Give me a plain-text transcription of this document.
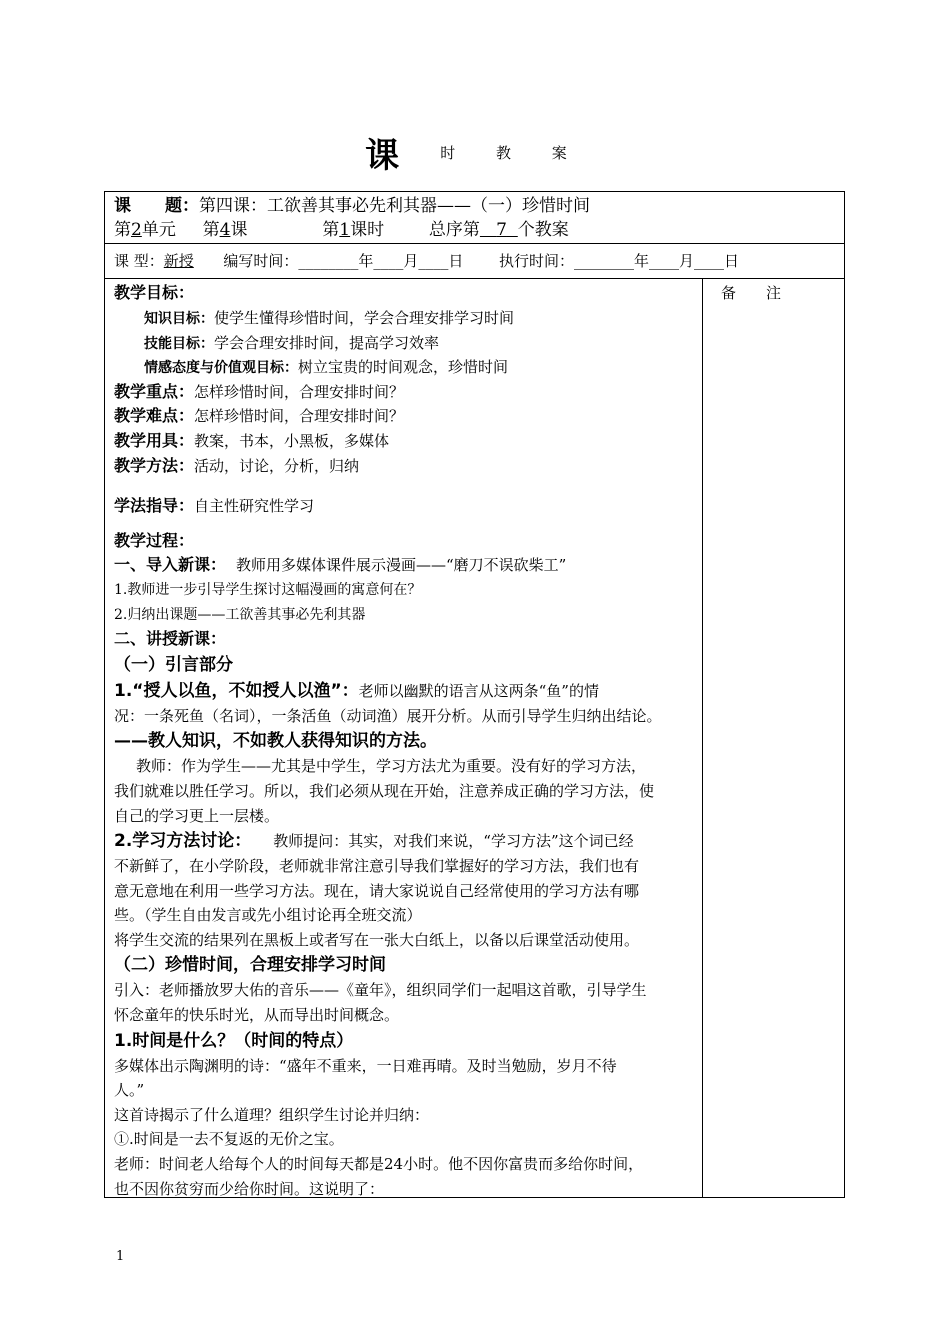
课	时 教 案
课　　题：第四课：工欲善其事必先利其器——（一）珍惜时间
第2单元 第4课	第1课时	总序第 7 个教案
课 型：新授 编写时间：________年____月____日 执行时间：________年____月____日
备　　注
教学目标：
知识目标：使学生懂得珍惜时间，学会合理安排学习时间
技能目标：学会合理安排时间，提高学习效率
情感态度与价值观目标：树立宝贵的时间观念，珍惜时间
教学重点：怎样珍惜时间，合理安排时间？
教学难点：怎样珍惜时间，合理安排时间？
教学用具：教案，书本，小黑板，多媒体
教学方法：活动，讨论，分析，归纳
学法指导：自主性研究性学习
教学过程：
一、导入新课： 教师用多媒体课件展示漫画——“磨刀不误砍柴工”
1.教师进一步引导学生探讨这幅漫画的寓意何在？
2.归纳出课题——工欲善其事必先利其器
二、讲授新课：
（一）引言部分
1.“授人以鱼，不如授人以渔”：老师以幽默的语言从这两条“鱼”的情
况：一条死鱼（名词），一条活鱼（动词渔）展开分析。从而引导学生归纳出结论。
——教人知识，不如教人获得知识的方法。
教师：作为学生——尤其是中学生，学习方法尤为重要。没有好的学习方法，
我们就难以胜任学习。所以，我们必须从现在开始，注意养成正确的学习方法，使
自己的学习更上一层楼。
2.学习方法讨论： 教师提问：其实，对我们来说，“学习方法”这个词已经
不新鲜了，在小学阶段，老师就非常注意引导我们掌握好的学习方法，我们也有
意无意地在利用一些学习方法。现在，请大家说说自己经常使用的学习方法有哪
些。（学生自由发言或先小组讨论再全班交流）
将学生交流的结果列在黑板上或者写在一张大白纸上，以备以后课堂活动使用。
（二）珍惜时间，合理安排学习时间
引入：老师播放罗大佑的音乐——《童年》，组织同学们一起唱这首歌，引导学生
怀念童年的快乐时光，从而导出时间概念。
1.时间是什么？（时间的特点）
多媒体出示陶渊明的诗：“盛年不重来，一日难再晴。及时当勉励，岁月不待
人。”
这首诗揭示了什么道理？组织学生讨论并归纳：
①.时间是一去不复返的无价之宝。
老师：时间老人给每个人的时间每天都是24小时。他不因你富贵而多给你时间，
也不因你贫穷而少给你时间。这说明了：
1
